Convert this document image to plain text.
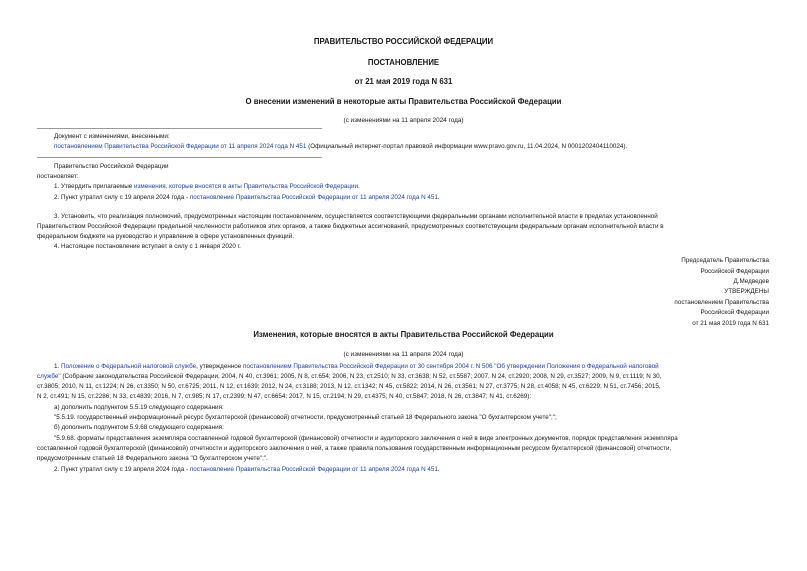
ПРАВИТЕЛЬСТВО РОССИЙСКОЙ ФЕДЕРАЦИИ
ПОСТАНОВЛЕНИЕ
от 21 мая 2019 года N 631
О внесении изменений в некоторые акты Правительства Российской Федерации
(с изменениями на 11 апреля 2024 года)
Документ с изменениями, внесенными:
постановлением Правительства Российской Федерации от 11 апреля 2024 года N 451 (Официальный интернет-портал правовой информации www.pravo.gov.ru, 11.04.2024, N 0001202404110024).
Правительство Российской Федерации
постановляет:
1. Утвердить прилагаемые изменения, которые вносятся в акты Правительства Российской Федерации.
2. Пункт утратил силу с 19 апреля 2024 года - постановление Правительства Российской Федерации от 11 апреля 2024 года N 451.
3. Установить, что реализация полномочий, предусмотренных настоящим постановлением, осуществляется соответствующими федеральными органами исполнительной власти в пределах установленной
Правительством Российской Федерации предельной численности работников этих органов, а также бюджетных ассигнований, предусмотренных соответствующим федеральным органам исполнительной власти в
федеральном бюджете на руководство и управление в сфере установленных функций.
4. Настоящее постановление вступает в силу с 1 января 2020 г.
Председатель Правительства
Российской Федерации
Д.Медведев
УТВЕРЖДЕНЫ
постановлением Правительства
Российской Федерации
от 21 мая 2019 года N 631
Изменения, которые вносятся в акты Правительства Российской Федерации
(с изменениями на 11 апреля 2024 года)
1. Положение о Федеральной налоговой службе, утвержденное постановлением Правительства Российской Федерации от 30 сентября 2004 г. N 506 "Об утверждении Положения о Федеральной налоговой
службе" (Собрание законодательства Российской Федерации, 2004, N 40, ст.3961; 2005, N 8, ст.654; 2006, N 23, ст.2510; N 33, ст.3638; N 52, ст.5587; 2007, N 24, ст.2920; 2008, N 29, ст.3527; 2009, N 9, ст.1119; N 30,
ст.3805; 2010, N 11, ст.1224; N 26, ст.3350; N 50, ст.6725; 2011, N 12, ст.1639; 2012, N 24, ст.3188; 2013, N 12, ст.1342; N 45, ст.5822; 2014, N 26, ст.3561; N 27, ст.3775; N 28, ст.4058; N 45, ст.6229; N 51, ст.7456; 2015,
N 2, ст.491; N 15, ст.2286; N 33, ст.4839; 2016, N 7, ст.985; N 17, ст.2399; N 47, ст.6654; 2017, N 15, ст.2194; N 29, ст.4375; N 40, ст.5847; 2018, N 26, ст.3847; N 41, ст.6269):
а) дополнить подпунктом 5.5.19 следующего содержания:
"5.5.19. государственный информационный ресурс бухгалтерской (финансовой) отчетности, предусмотренный статьей 18 Федерального закона "О бухгалтерском учете";";
б) дополнить подпунктом 5.9.68 следующего содержания:
"5.9.68. форматы представления экземпляра составленной годовой бухгалтерской (финансовой) отчетности и аудиторского заключения о ней в виде электронных документов, порядок представления экземпляра
составленной годовой бухгалтерской (финансовой) отчетности и аудиторского заключения о ней, а также правила пользования государственным информационным ресурсом бухгалтерской (финансовой) отчетности,
предусмотренным статьей 18 Федерального закона "О бухгалтерском учете";".
2. Пункт утратил силу с 19 апреля 2024 года - постановление Правительства Российской Федерации от 11 апреля 2024 года N 451.
